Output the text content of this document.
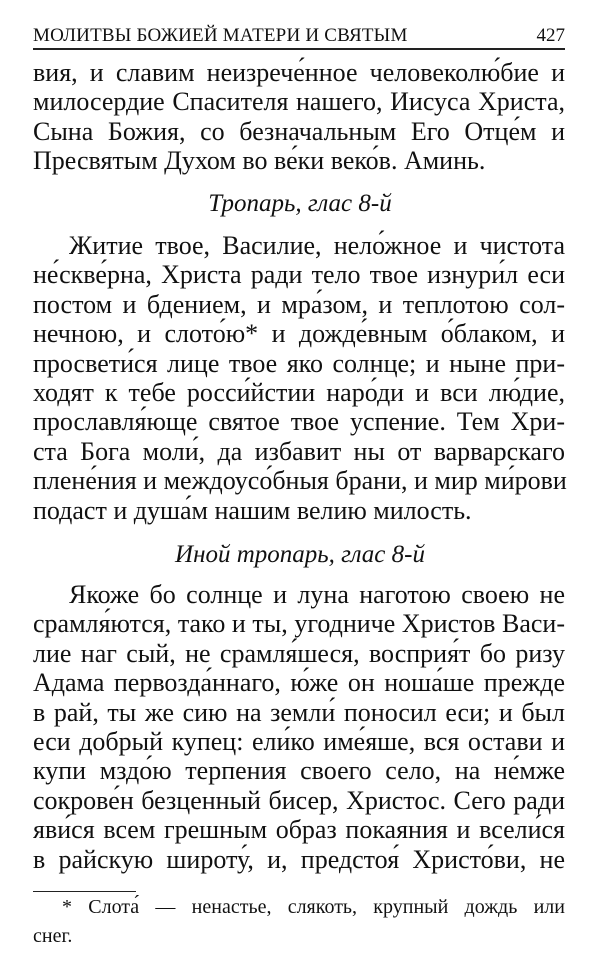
МОЛИТВЫ БОЖИЕЙ МАТЕРИ И СВЯТЫМ	427
вия, и славим неизрече́нное человеколю́бие и
милосердие Спасителя нашего, Иисуса Христа,
Сына Божия, со безначальным Его Отце́м и
Пресвятым Духом во ве́ки веко́в. Аминь.
Тропарь, глас 8-й
Житие твое, Василие, нело́жное и чистота
не́скве́рна, Христа ради тело твое изнури́л еси
постом и бдением, и мра́зом, и теплотою сол-
нечною, и слото́ю* и дожде́вным о́блаком, и
просвети́ся лице твое яко солнце; и ныне при-
ходят к тебе росси́йстии наро́ди и вси лю́дие,
прославля́юще святое твое успение. Тем Хри-
ста Бога моли́, да избавит ны от варварскаго
плене́ния и междоусо́бныя брани, и мир ми́рови
подаст и душа́м нашим велию милость.
Иной тропарь, глас 8-й
Якоже бо солнце и луна наготою своею не
срамля́ются, тако и ты, угодниче Христов Васи-
лие наг сый, не срамля́шеся, восприя́т бо ризу
Адама первозда́ннаго, ю́же он ноша́ше прежде
в рай, ты же сию на земли́ поносил еси; и был
еси добрый купец: ели́ко име́яше, вся остави и
купи мздо́ю терпения своего село, на не́мже
сокрове́н безценный бисер, Христос. Сего ради
яви́ся всем грешным образ покаяния и всели́ся
в райскую широту́, и, предстоя́ Христо́ви, не
* Слота́ — ненастье, слякоть, крупный дождь или
снег.
